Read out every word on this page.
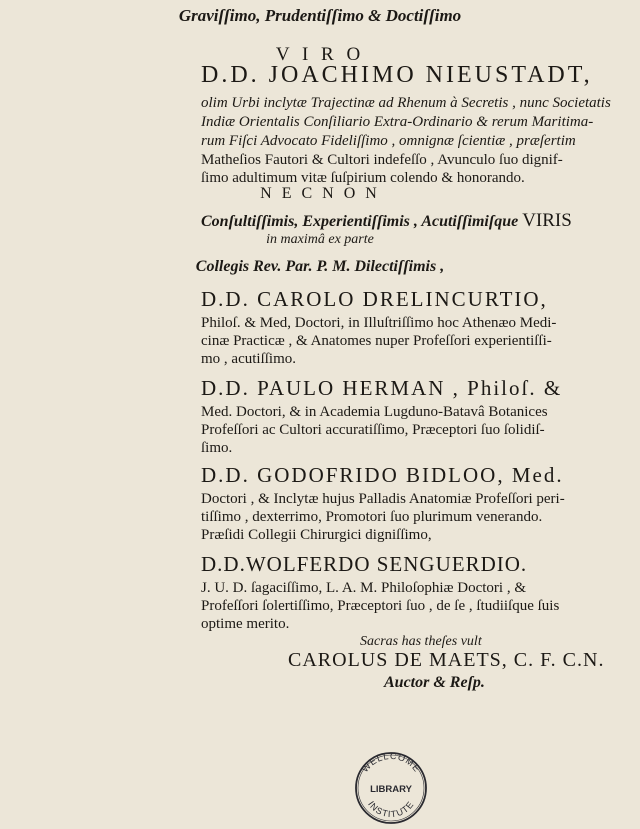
Graviſſimo, Prudentiſſimo & Doctiſſimo
V I R O
D.D. JOACHIMO NIEUSTADT,
olim Urbi inclytæ Trajectinæ ad Rhenum à Secretis , nunc Societatis
Indiæ Orientalis Conſiliario Extra-Ordinario & rerum Maritima-
rum Fiſci Advocato Fideliſſimo , omnignæ ſcientiæ , præſertim
Matheſios Fautori & Cultori indefeſſo , Avunculo ſuo dignif-
ſimo adultimum vitæ ſuſpirium colendo & honorando.
N E C N O N
Conſultiſſimis, Experientiſſimis , Acutiſſimiſque VIRIS
in maximâ ex parte
Collegis Rev. Par. P. M. Dilectiſſimis ,
D.D. CAROLO DRELINCURTIO,
Philoſ. & Med, Doctori, in Illuſtriſſimo hoc Athenæo Medi-
cinæ Practicæ , & Anatomes nuper Profeſſori experientiſſi-
mo , acutiſſimo.
D.D. PAULO HERMAN , Philoſ. &
Med. Doctori, & in Academia Lugduno-Batavâ Botanices
Profeſſori ac Cultori accuratiſſimo, Præceptori ſuo ſolidiſ-
ſimo.
D.D. GODOFRIDO BIDLOO, Med.
Doctori , & Inclytæ hujus Palladis Anatomiæ Profeſſori peri-
tiſſimo , dexterrimo, Promotori ſuo plurimum venerando.
Præſidi Collegii Chirurgici digniſſimo,
D.D.WOLFERDO SENGUERDIO.
J. U. D. ſagaciſſimo, L. A. M. Philoſophiæ Doctori , &
Profeſſori ſolertiſſimo, Præceptori ſuo , de ſe , ſtudiiſque ſuis
optime merito.
Sacras has theſes vult
CAROLUS DE MAETS, C. F. C.N.
Auctor & Reſp.
WELLCOME
LIBRARY
INSTITUTE
